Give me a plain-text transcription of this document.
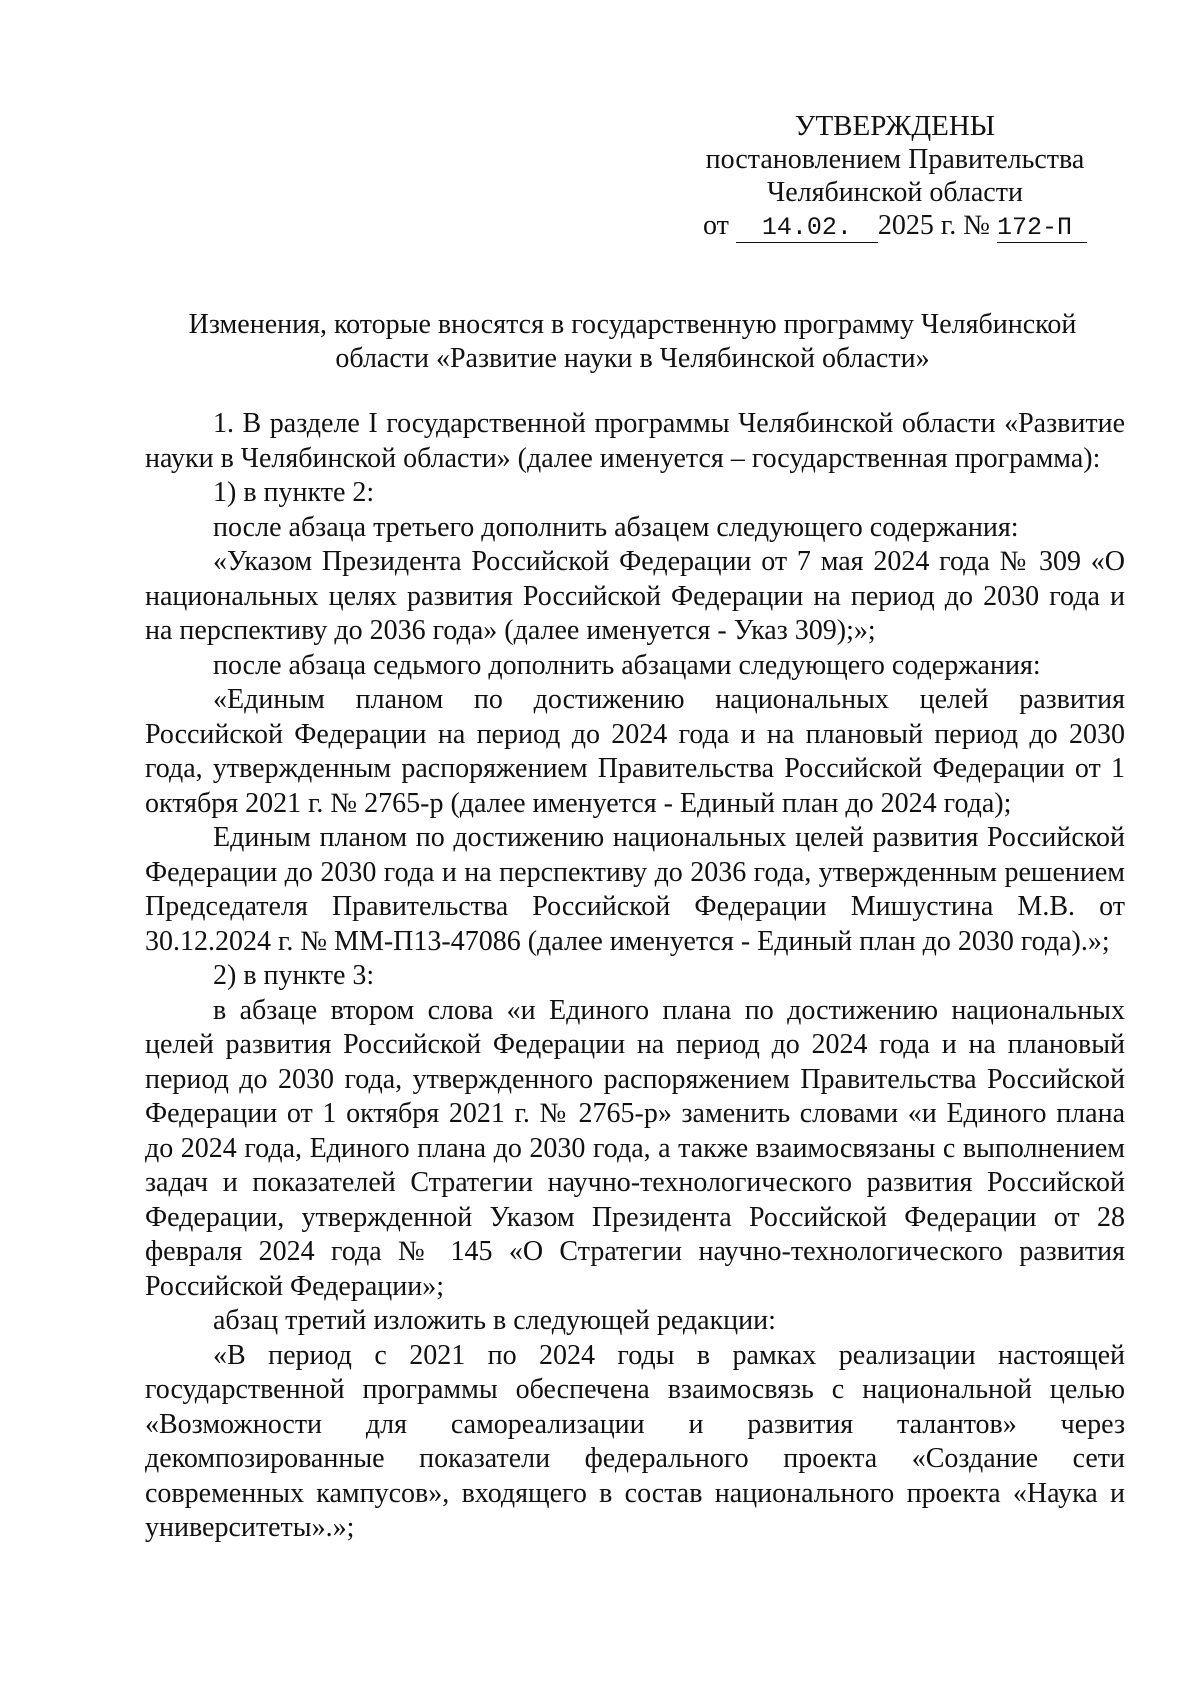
УТВЕРЖДЕНЫ
постановлением Правительства
Челябинской области
от 14.02. 2025 г. № 172-П
Изменения, которые вносятся в государственную программу Челябинской
области «Развитие науки в Челябинской области»

1. В разделе I государственной программы Челябинской области «Развитие науки в Челябинской области» (далее именуется – государственная программа):

1) в пункте 2:

после абзаца третьего дополнить абзацем следующего содержания:

«Указом Президента Российской Федерации от 7 мая 2024 года № 309 «О национальных целях развития Российской Федерации на период до 2030 года и на перспективу до 2036 года» (далее именуется - Указ 309);»;

после абзаца седьмого дополнить абзацами следующего содержания:

«Единым планом по достижению национальных целей развития Российской Федерации на период до 2024 года и на плановый период до 2030 года, утвержденным распоряжением Правительства Российской Федерации от 1 октября 2021 г. № 2765-р (далее именуется - Единый план до 2024 года);

Единым планом по достижению национальных целей развития Российской Федерации до 2030 года и на перспективу до 2036 года, утвержденным решением Председателя Правительства Российской Федерации Мишустина М.В. от 30.12.2024 г. № ММ-П13-47086 (далее именуется - Единый план до 2030 года).»;

2) в пункте 3:

в абзаце втором слова «и Единого плана по достижению национальных целей развития Российской Федерации на период до 2024 года и на плановый период до 2030 года, утвержденного распоряжением Правительства Российской Федерации от 1 октября 2021 г. № 2765-р» заменить словами «и Единого плана до 2024 года, Единого плана до 2030 года, а также взаимосвязаны с выполнением задач и показателей Стратегии научно-технологического развития Российской Федерации, утвержденной Указом Президента Российской Федерации от 28 февраля 2024 года № 145 «О Стратегии научно-технологического развития Российской Федерации»;

абзац третий изложить в следующей редакции:

«В период с 2021 по 2024 годы в рамках реализации настоящей государственной программы обеспечена взаимосвязь с национальной целью «Возможности для самореализации и развития талантов» через декомпозированные показатели федерального проекта «Создание сети современных кампусов», входящего в состав национального проекта «Наука и университеты».»;
